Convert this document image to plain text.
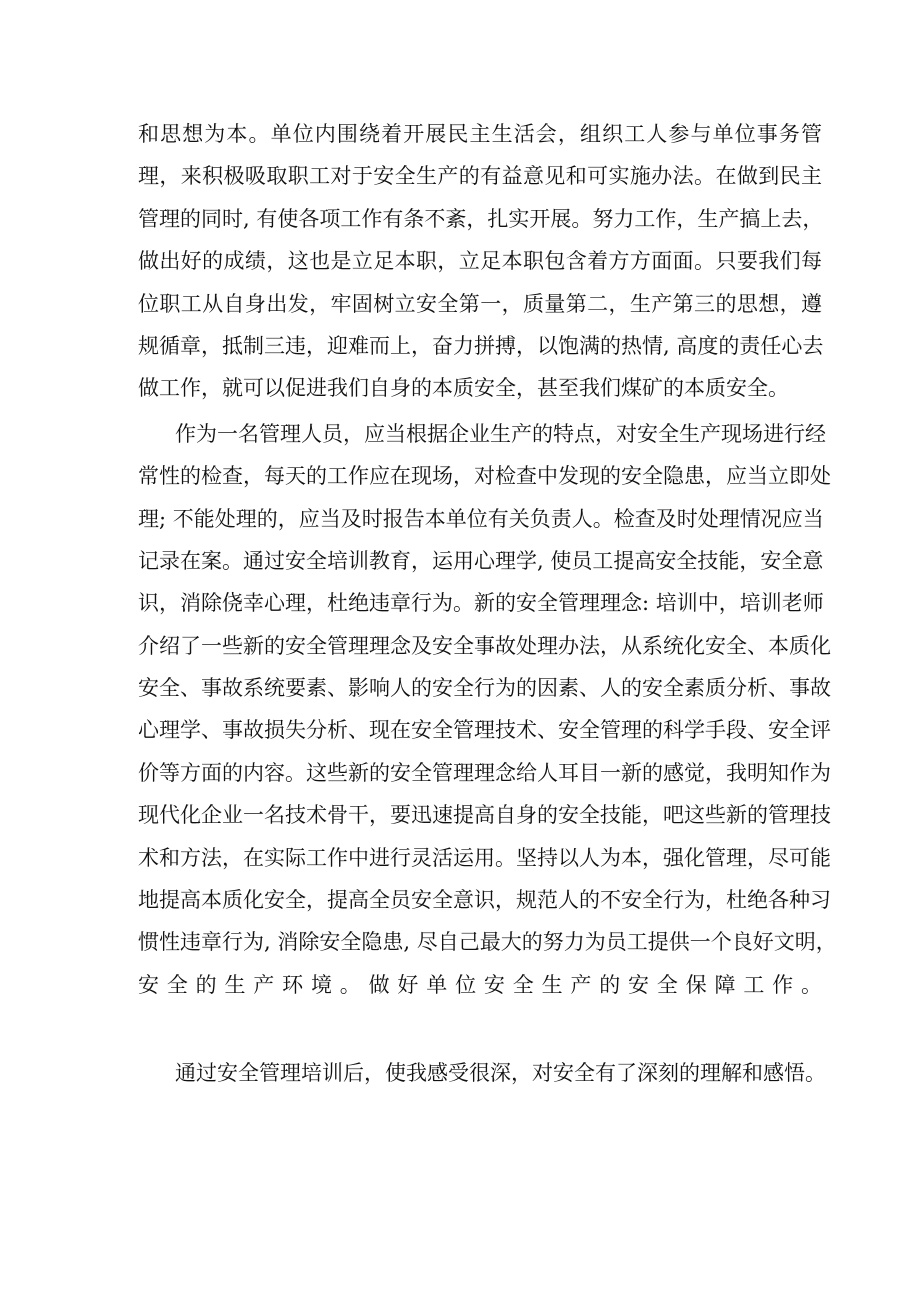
和思想为本。单位内围绕着开展民主生活会，组织工人参与单位事务管
理，来积极吸取职工对于安全生产的有益意见和可实施办法。在做到民主
管理的同时, 有使各项工作有条不紊，扎实开展。努力工作，生产搞上去，
做出好的成绩，这也是立足本职，立足本职包含着方方面面。只要我们每
位职工从自身出发，牢固树立安全第一，质量第二，生产第三的思想，遵
规循章，抵制三违，迎难而上，奋力拼搏，以饱满的热情, 高度的责任心去
做工作，就可以促进我们自身的本质安全，甚至我们煤矿的本质安全。
作为一名管理人员，应当根据企业生产的特点，对安全生产现场进行经
常性的检查，每天的工作应在现场，对检查中发现的安全隐患，应当立即处
理; 不能处理的，应当及时报告本单位有关负责人。检查及时处理情况应当
记录在案。通过安全培训教育，运用心理学, 使员工提高安全技能，安全意
识，消除侥幸心理，杜绝违章行为。新的安全管理理念: 培训中，培训老师
介绍了一些新的安全管理理念及安全事故处理办法，从系统化安全、本质化
安全、事故系统要素、影响人的安全行为的因素、人的安全素质分析、事故
心理学、事故损失分析、现在安全管理技术、安全管理的科学手段、安全评
价等方面的内容。这些新的安全管理理念给人耳目一新的感觉，我明知作为
现代化企业一名技术骨干，要迅速提高自身的安全技能，吧这些新的管理技
术和方法，在实际工作中进行灵活运用。坚持以人为本，强化管理，尽可能
地提高本质化安全，提高全员安全意识，规范人的不安全行为，杜绝各种习
惯性违章行为, 消除安全隐患, 尽自己最大的努力为员工提供一个良好文明，
安全的生产环境。做好单位安全生产的安全保障工作。
通过安全管理培训后，使我感受很深，对安全有了深刻的理解和感悟。
